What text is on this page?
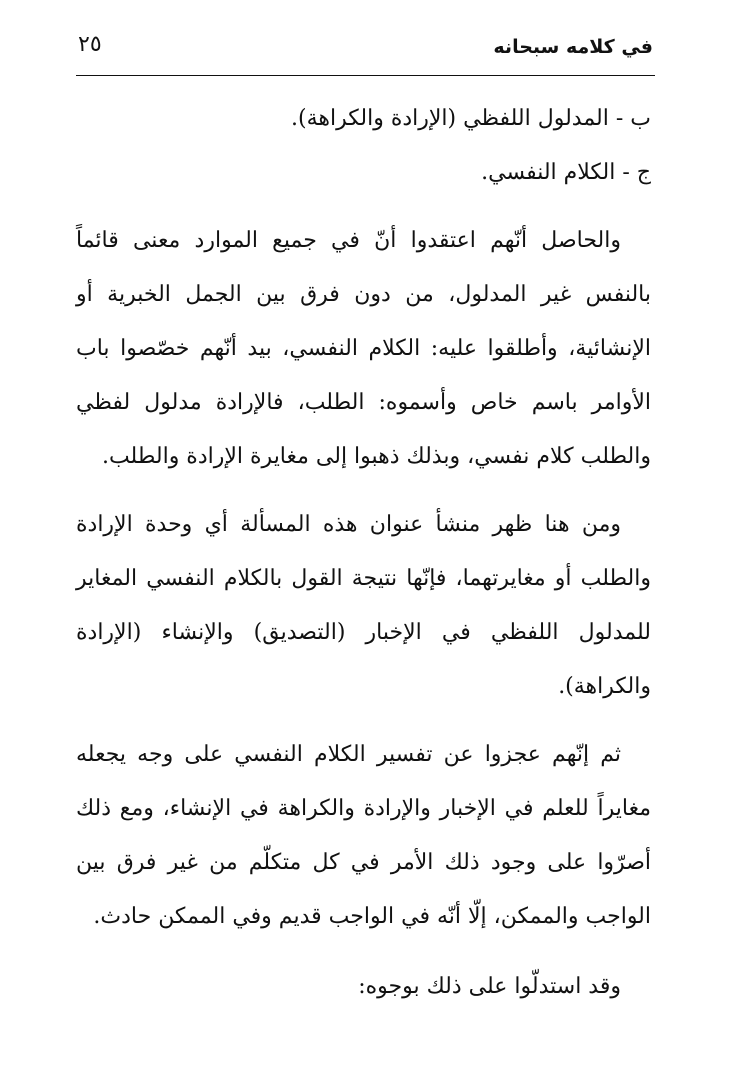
في كلامه سبحانه
٢٥

ب - المدلول اللفظي (الإرادة والكراهة).

ج - الكلام النفسي.

والحاصل أنّهم اعتقدوا أنّ في جميع الموارد معنى قائماً بالنفس غير المدلول، من دون فرق بين الجمل الخبرية أو الإنشائية، وأطلقوا عليه: الكلام النفسي، بيد أنّهم خصّصوا باب الأوامر باسم خاص وأسموه: الطلب، فالإرادة مدلول لفظي والطلب كلام نفسي، وبذلك ذهبوا إلى مغايرة الإرادة والطلب.

ومن هنا ظهر منشأ عنوان هذه المسألة أي وحدة الإرادة والطلب أو مغايرتهما، فإنّها نتيجة القول بالكلام النفسي المغاير للمدلول اللفظي في الإخبار (التصديق) والإنشاء (الإرادة والكراهة).

ثم إنّهم عجزوا عن تفسير الكلام النفسي على وجه يجعله مغايراً للعلم في الإخبار والإرادة والكراهة في الإنشاء، ومع ذلك أصرّوا على وجود ذلك الأمر في كل متكلّم من غير فرق بين الواجب والممكن، إلّا أنّه في الواجب قديم وفي الممكن حادث.

وقد استدلّوا على ذلك بوجوه:
